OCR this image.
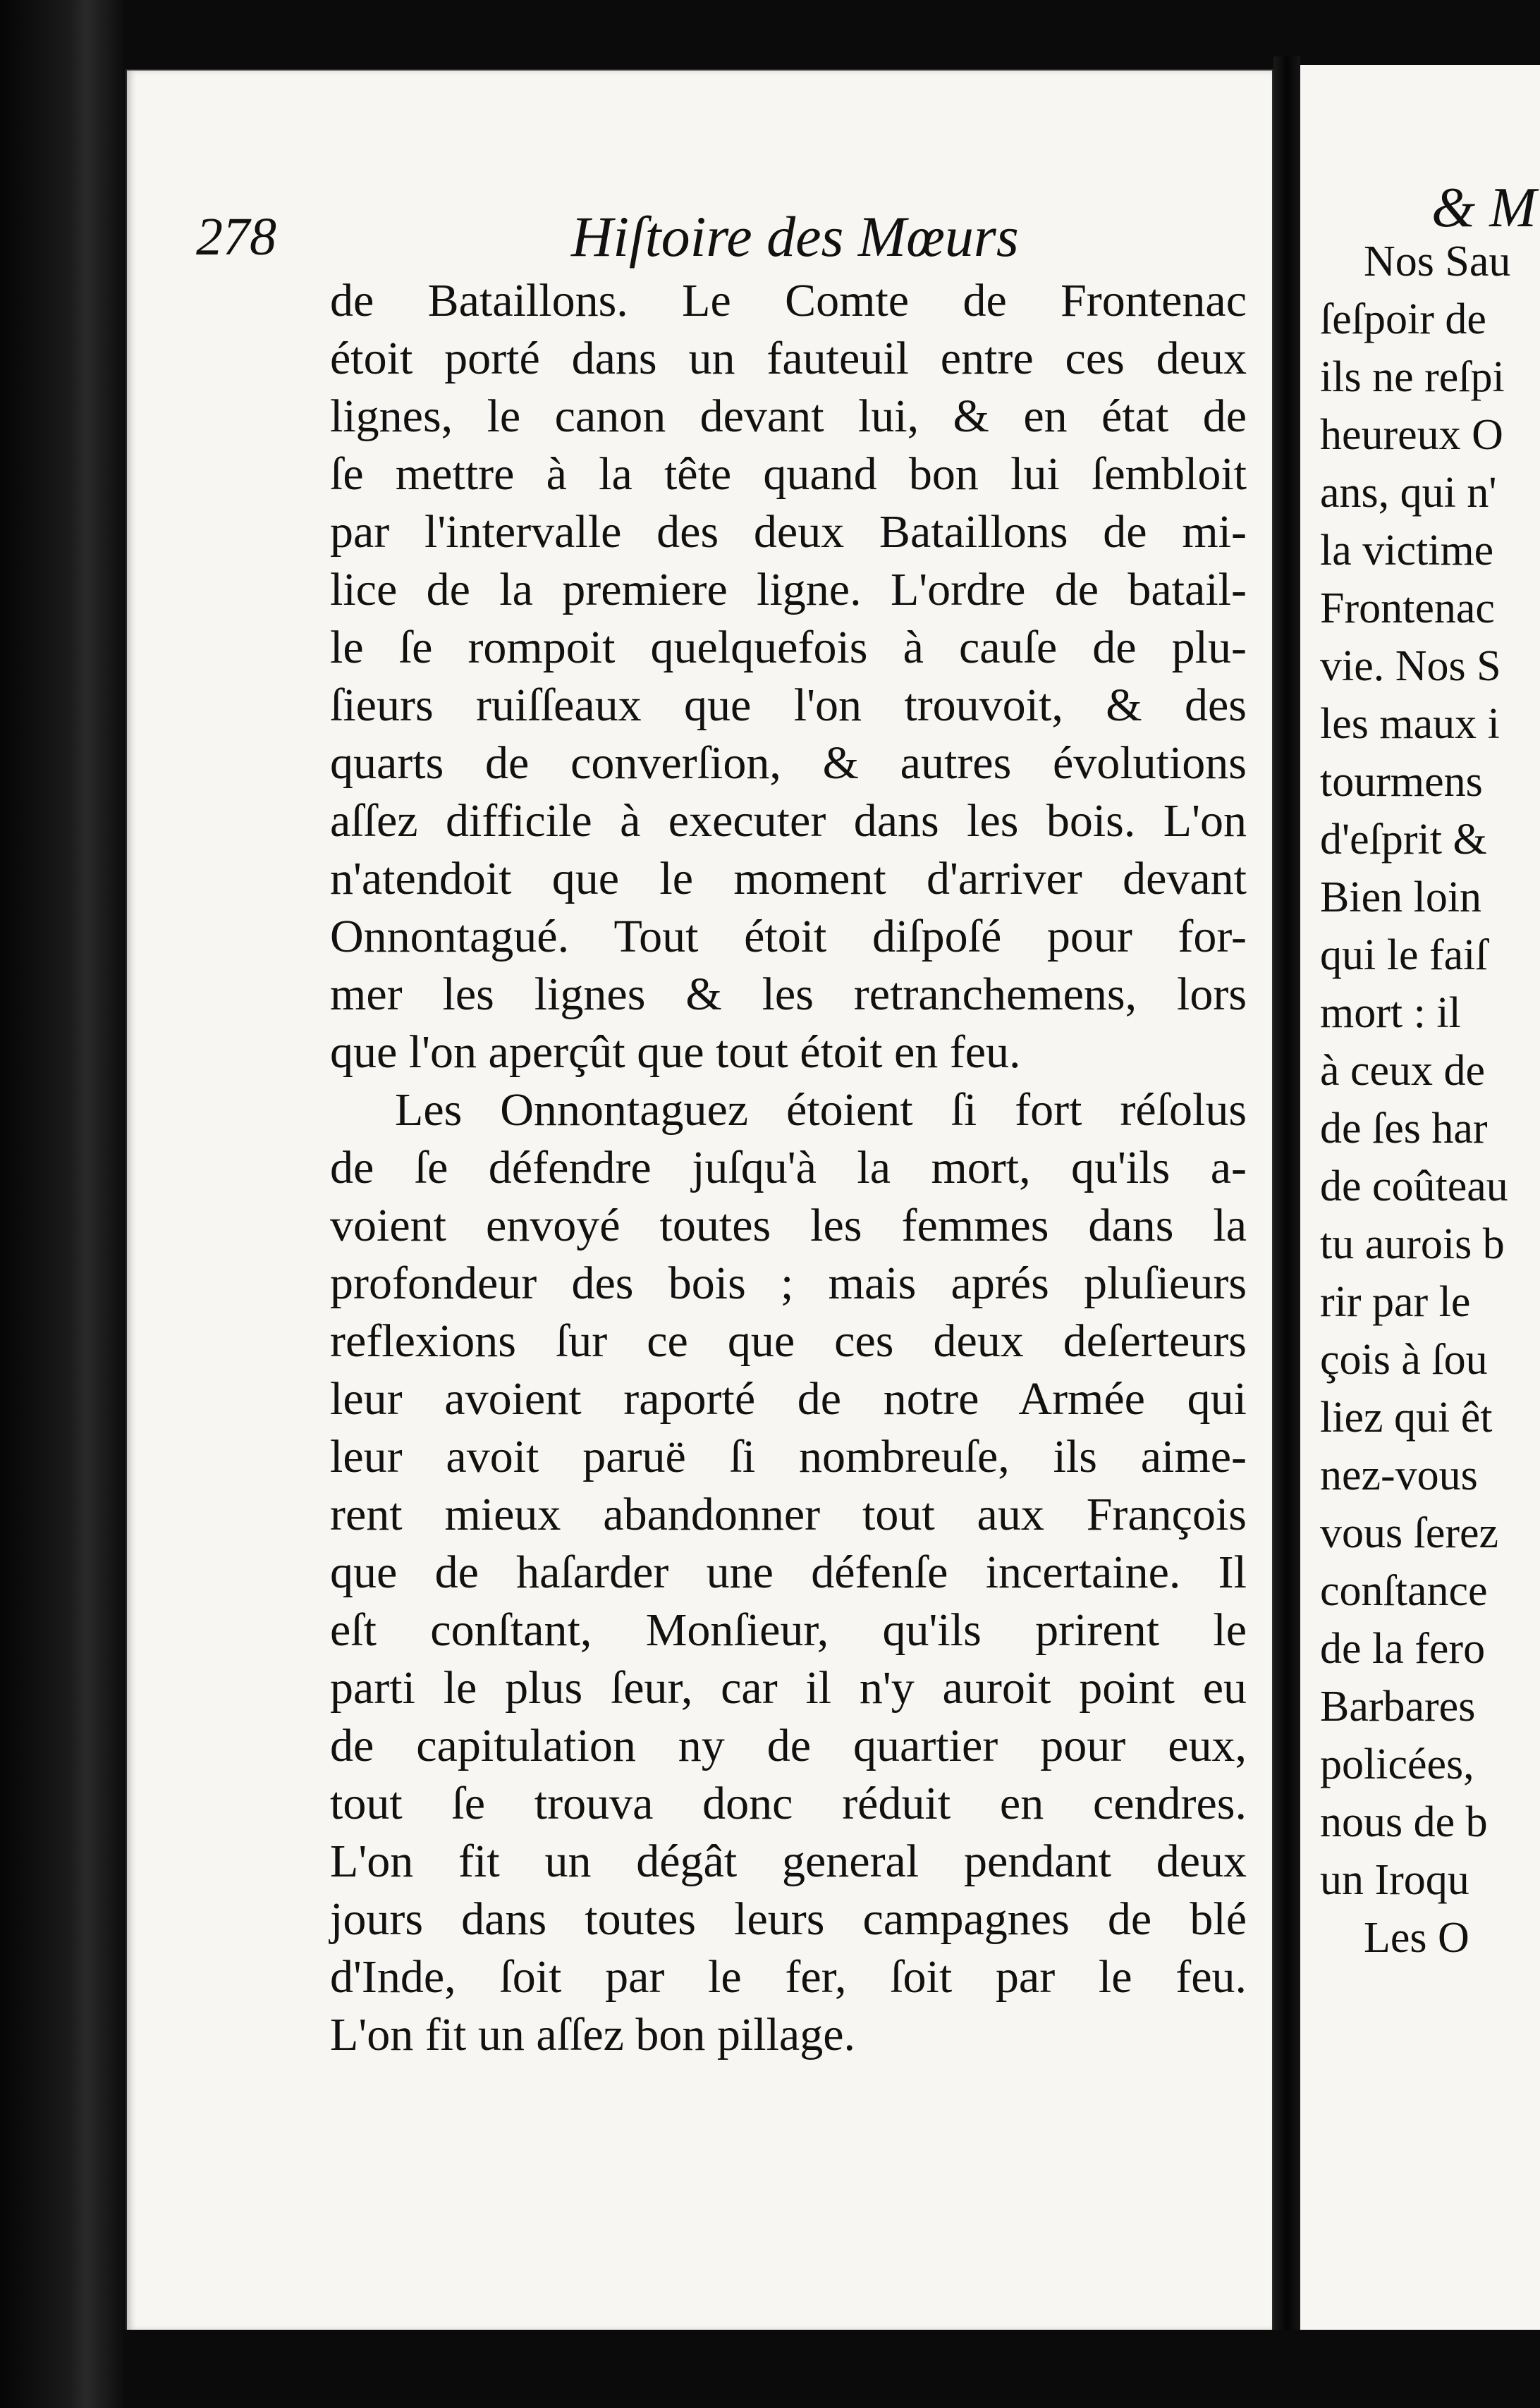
278	Hiſtoire des Mœurs
de Bataillons. Le Comte de Frontenac
étoit porté dans un fauteuil entre ces deux
lignes, le canon devant lui, & en état de
ſe mettre à la tête quand bon lui ſembloit
par l'intervalle des deux Bataillons de mi-
lice de la premiere ligne. L'ordre de batail-
le ſe rompoit quelquefois à cauſe de plu-
ſieurs ruiſſeaux que l'on trouvoit, & des
quarts de converſion, & autres évolutions
aſſez difficile à executer dans les bois. L'on
n'atendoit que le moment d'arriver devant
Onnontagué. Tout étoit diſpoſé pour for-
mer les lignes & les retranchemens, lors
que l'on aperçût que tout étoit en feu.
Les Onnontaguez étoient ſi fort réſolus
de ſe défendre juſqu'à la mort, qu'ils a-
voient envoyé toutes les femmes dans la
profondeur des bois ; mais aprés pluſieurs
reflexions ſur ce que ces deux deſerteurs
leur avoient raporté de notre Armée qui
leur avoit paruë ſi nombreuſe, ils aime-
rent mieux abandonner tout aux François
que de haſarder une défenſe incertaine. Il
eſt conſtant, Monſieur, qu'ils prirent le
parti le plus ſeur, car il n'y auroit point eu
de capitulation ny de quartier pour eux,
tout ſe trouva donc réduit en cendres.
L'on fit un dégât general pendant deux
jours dans toutes leurs campagnes de blé
d'Inde, ſoit par le fer, ſoit par le feu.
L'on fit un aſſez bon pillage.
& M
Nos Sau
ſeſpoir de
ils ne reſpi
heureux O
ans, qui n'
la victime
Frontenac
vie. Nos S
les maux i
tourmens
d'eſprit &
Bien loin
qui le faiſ
mort : il
à ceux de
de ſes har
de coûteau
tu aurois b
rir par le
çois à ſou
liez qui êt
nez-vous
vous ſerez
conſtance
de la fero
Barbares
policées,
nous de b
un Iroqu
Les O
